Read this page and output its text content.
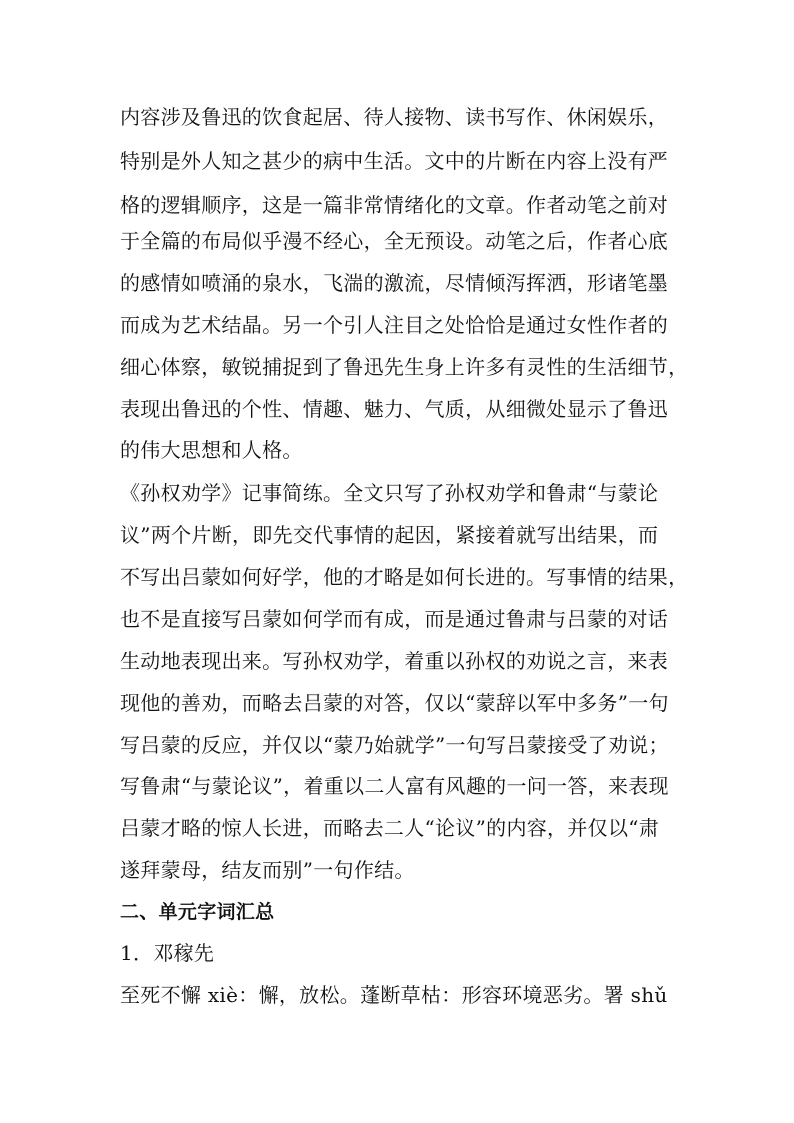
内容涉及鲁迅的饮食起居、待人接物、读书写作、休闲娱乐，
特别是外人知之甚少的病中生活。文中的片断在内容上没有严
格的逻辑顺序，这是一篇非常情绪化的文章。作者动笔之前对
于全篇的布局似乎漫不经心，全无预设。动笔之后，作者心底
的感情如喷涌的泉水，飞湍的激流，尽情倾泻挥洒，形诸笔墨
而成为艺术结晶。另一个引人注目之处恰恰是通过女性作者的
细心体察，敏锐捕捉到了鲁迅先生身上许多有灵性的生活细节，
表现出鲁迅的个性、情趣、魅力、气质，从细微处显示了鲁迅
的伟大思想和人格。
《孙权劝学》记事简练。全文只写了孙权劝学和鲁肃“与蒙论
议”两个片断，即先交代事情的起因，紧接着就写出结果，而
不写出吕蒙如何好学，他的才略是如何长进的。写事情的结果，
也不是直接写吕蒙如何学而有成，而是通过鲁肃与吕蒙的对话
生动地表现出来。写孙权劝学，着重以孙权的劝说之言，来表
现他的善劝，而略去吕蒙的对答，仅以“蒙辞以军中多务”一句
写吕蒙的反应，并仅以“蒙乃始就学”一句写吕蒙接受了劝说；
写鲁肃“与蒙论议”，着重以二人富有风趣的一问一答，来表现
吕蒙才略的惊人长进，而略去二人“论议”的内容，并仅以“肃
遂拜蒙母，结友而别”一句作结。
二、单元字词汇总
1．邓稼先
至死不懈 xiè：懈，放松。蓬断草枯：形容环境恶劣。署 shǔ
